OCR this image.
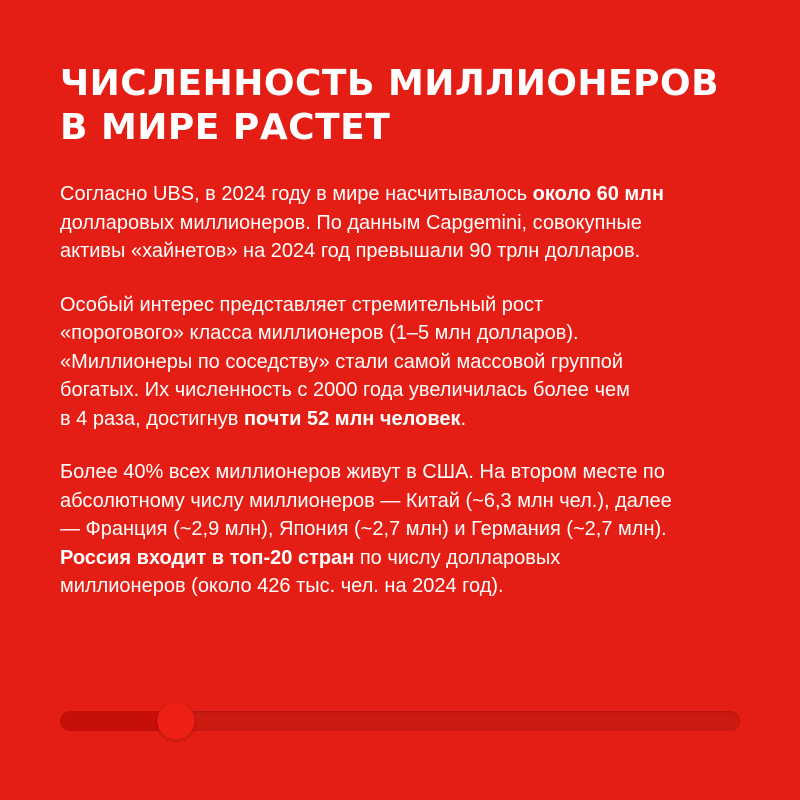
ЧИСЛЕННОСТЬ МИЛЛИОНЕРОВ
В МИРЕ РАСТЕТ

Согласно UBS, в 2024 году в мире насчитывалось около 60 млн
долларовых миллионеров. По данным Capgemini, совокупные
активы «хайнетов» на 2024 год превышали 90 трлн долларов.

Особый интерес представляет стремительный рост
«порогового» класса миллионеров (1–5 млн долларов).
«Миллионеры по соседству» стали самой массовой группой
богатых. Их численность с 2000 года увеличилась более чем
в 4 раза, достигнув почти 52 млн человек.

Более 40% всех миллионеров живут в США. На втором месте по
абсолютному числу миллионеров — Китай (~6,3 млн чел.), далее
— Франция (~2,9 млн), Япония (~2,7 млн) и Германия (~2,7 млн).
Россия входит в топ-20 стран по числу долларовых
миллионеров (около 426 тыс. чел. на 2024 год).
